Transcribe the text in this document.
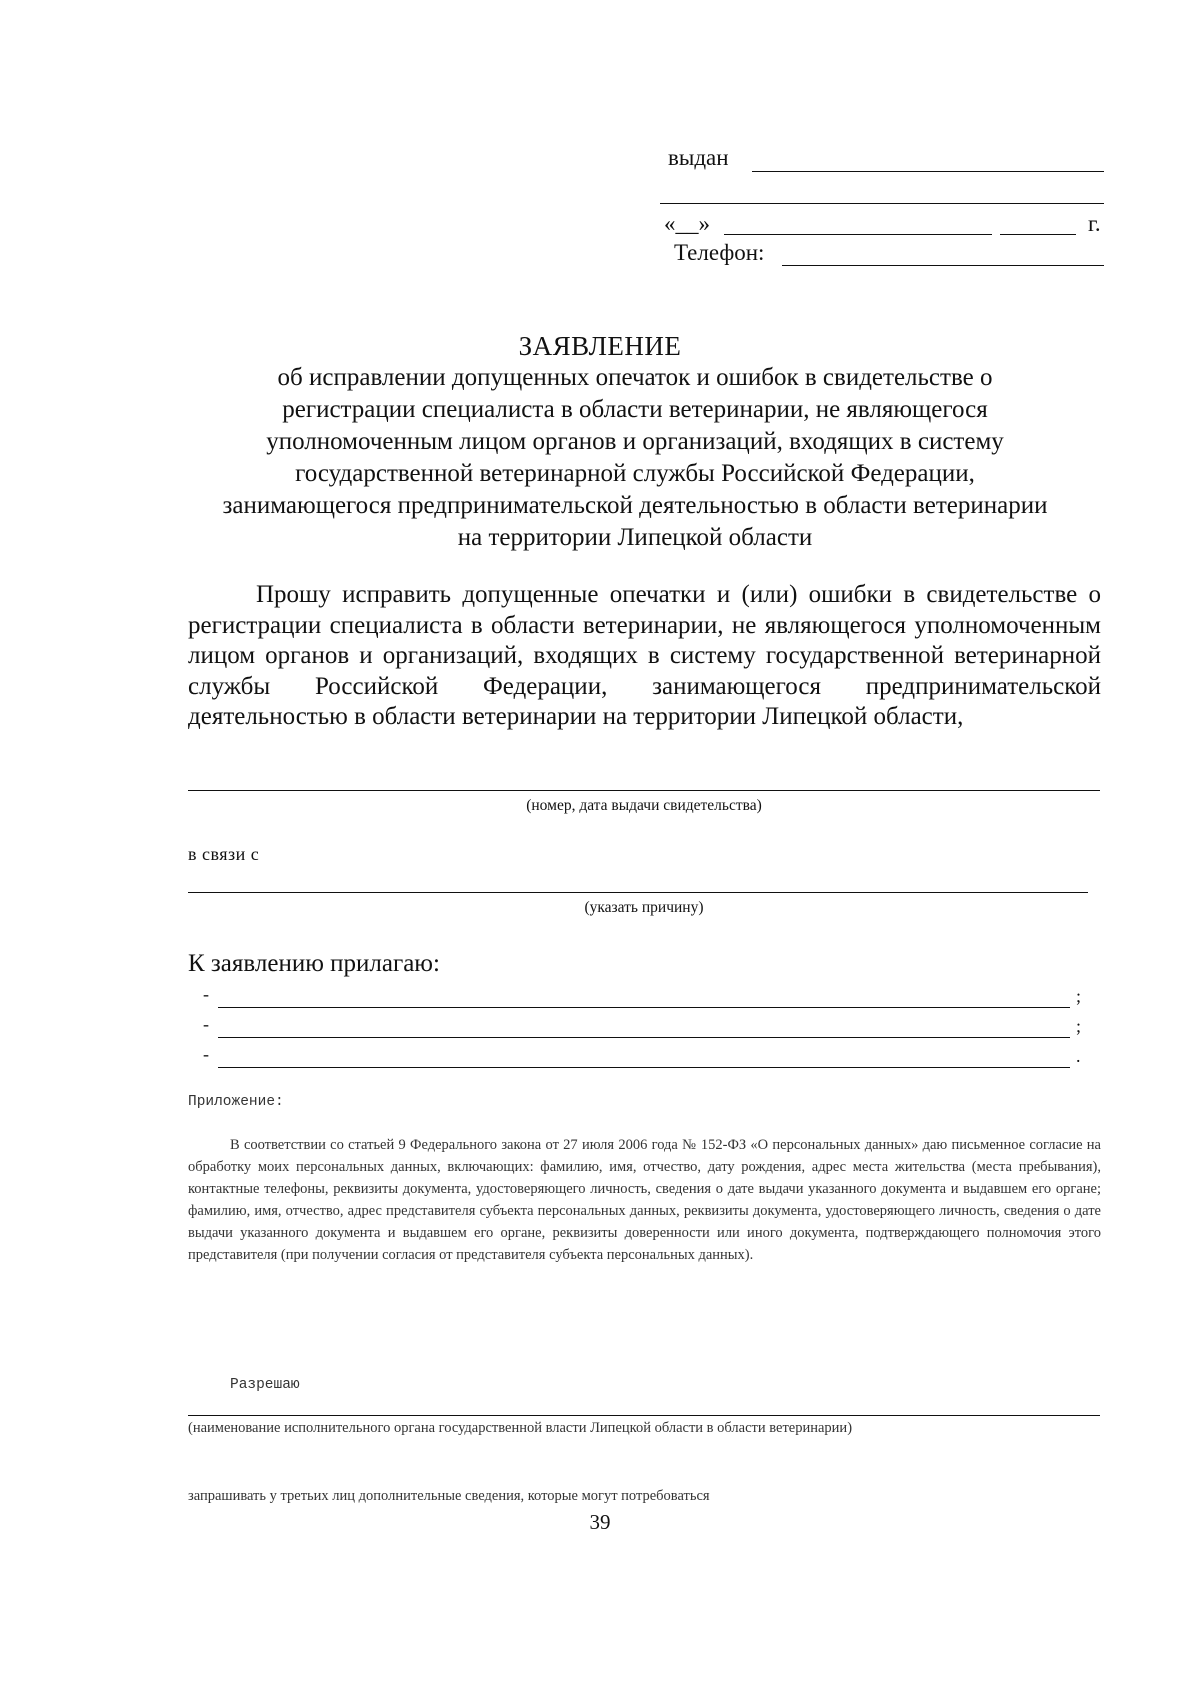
выдан
«__»	г.
Телефон:
ЗАЯВЛЕНИЕ
об исправлении допущенных опечаток и ошибок в свидетельстве о
регистрации специалиста в области ветеринарии, не являющегося
уполномоченным лицом органов и организаций, входящих в систему
государственной ветеринарной службы Российской Федерации,
занимающегося предпринимательской деятельностью в области ветеринарии
на территории Липецкой области
Прошу исправить допущенные опечатки и (или) ошибки в свидетельстве о регистрации специалиста в области ветеринарии, не являющегося уполномоченным лицом органов и организаций, входящих в систему государственной ветеринарной службы Российской Федерации, занимающегося предпринимательской деятельностью в области ветеринарии на территории Липецкой области,
(номер, дата выдачи свидетельства)
в связи с
(указать причину)
К заявлению прилагаю:
-	;
-	;
-	.
Приложение:
В соответствии со статьей 9 Федерального закона от 27 июля 2006 года № 152-ФЗ «О персональных данных» даю письменное согласие на обработку моих персональных данных, включающих: фамилию, имя, отчество, дату рождения, адрес места жительства (места пребывания), контактные телефоны, реквизиты документа, удостоверяющего личность, сведения о дате выдачи указанного документа и выдавшем его органе; фамилию, имя, отчество, адрес представителя субъекта персональных данных, реквизиты документа, удостоверяющего личность, сведения о дате выдачи указанного документа и выдавшем его органе, реквизиты доверенности или иного документа, подтверждающего полномочия этого представителя (при получении согласия от представителя субъекта персональных данных).
Разрешаю
(наименование исполнительного органа государственной власти Липецкой области в области ветеринарии)
запрашивать у третьих лиц дополнительные сведения, которые могут потребоваться
39
